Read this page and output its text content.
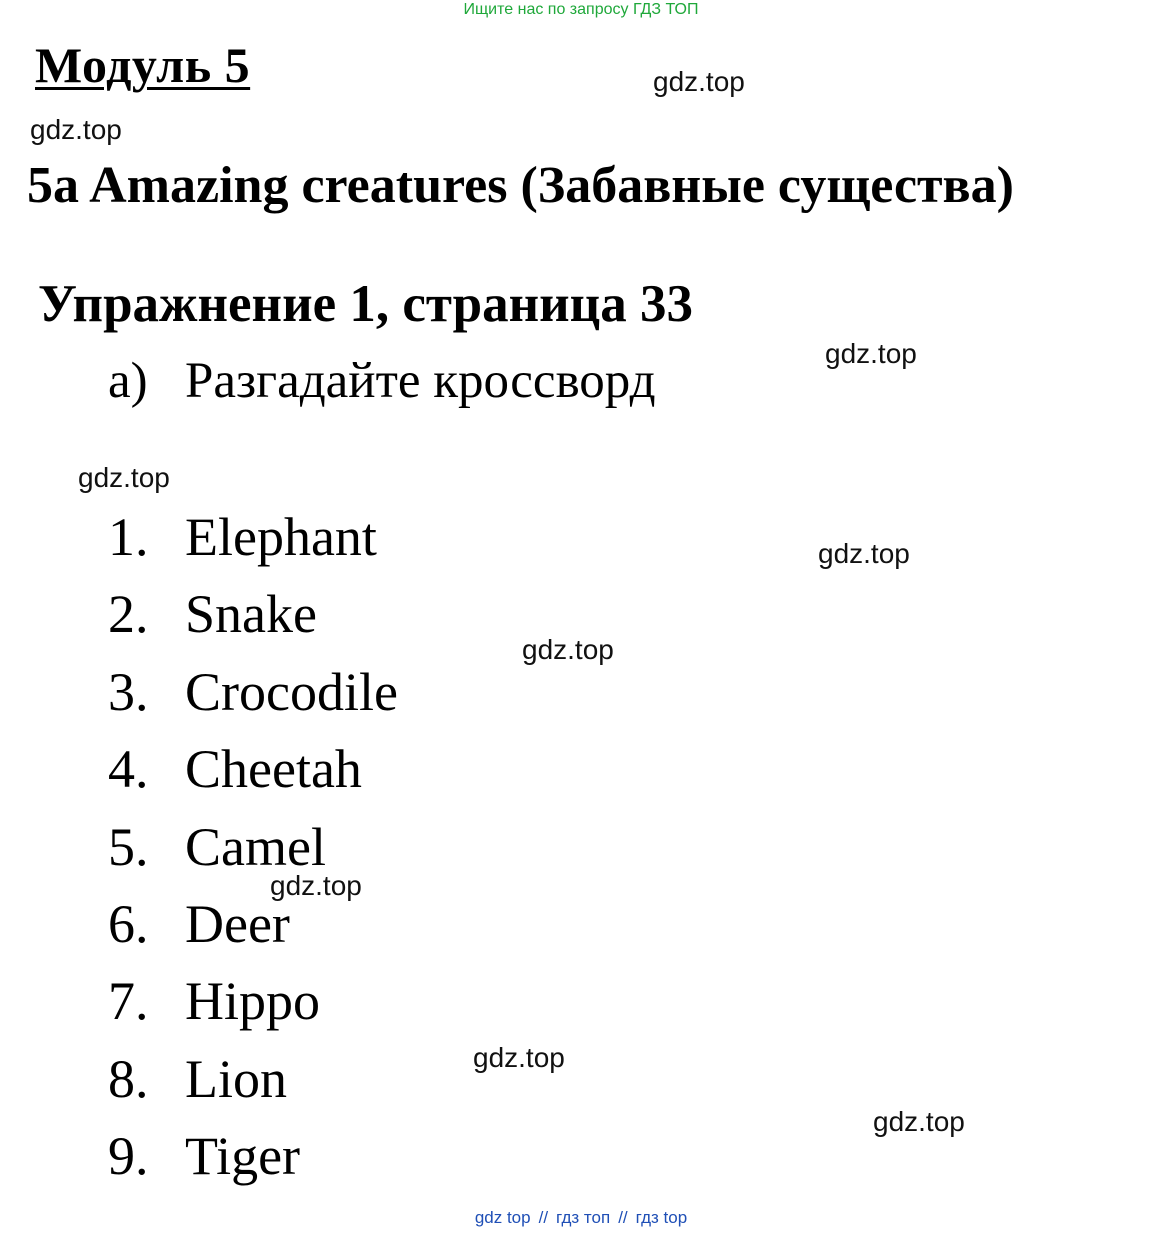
Ищите нас по запросу ГДЗ ТОП
Модуль 5
5a Amazing creatures (Забавные существа)
Упражнение 1, страница 33
a) Разгадайте кроссворд
1. Elephant
2. Snake
3. Crocodile
4. Cheetah
5. Camel
6. Deer
7. Hippo
8. Lion
9. Tiger
gdz.top
gdz.top
gdz.top
gdz.top
gdz.top
gdz.top
gdz.top
gdz.top
gdz.top
gdz top // гдз топ // гдз top
